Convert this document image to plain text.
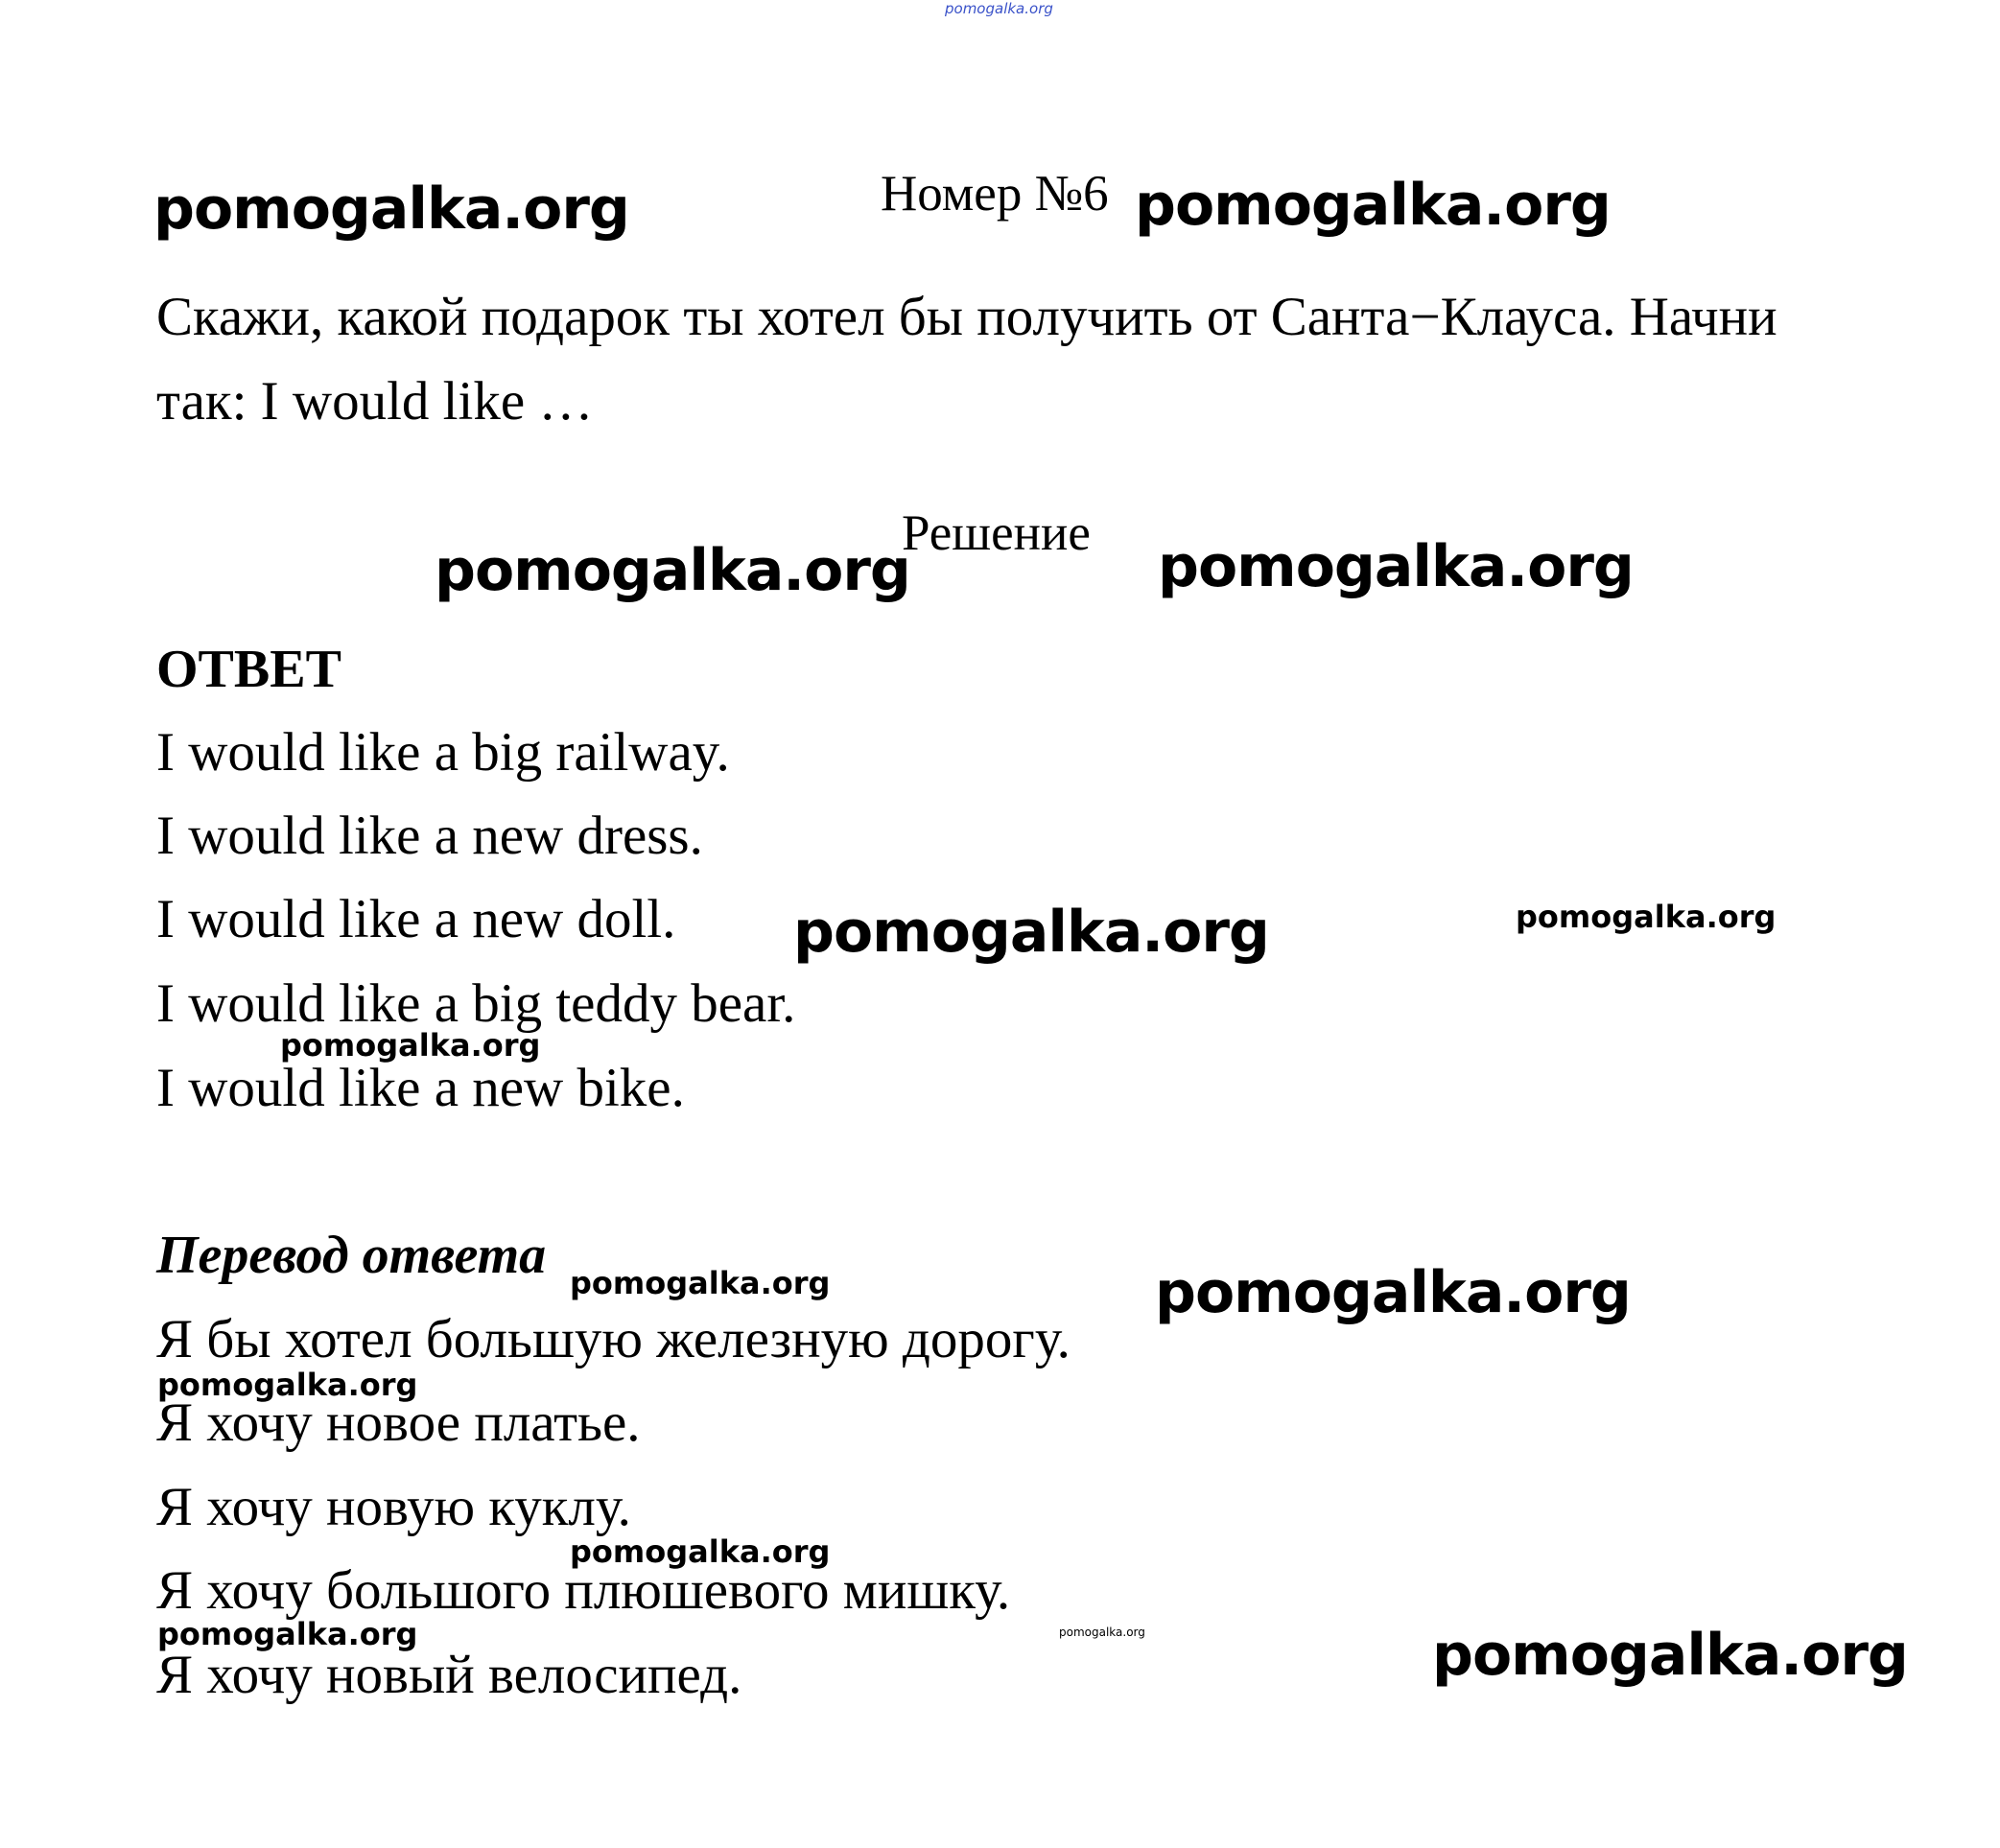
pomogalka.org
pomogalka.org	Номер №6 pomogalka.org
Скажи, какой подарок ты хотел бы получить от Санта−Клауса. Начни
так: I would like …
pomogalka.org
Решение pomogalka.org
ОТВЕТ
I would like a big railway.
I would like a new dress.
I would like a new doll.
I would like a big teddy bear.
I would like a new bike.
pomogalka.org	pomogalka.org
pomogalka.org
Перевод ответа pomogalka.org	pomogalka.org
Я бы хотел большую железную дорогу.
pomogalka.org
Я хочу новое платье.
Я хочу новую куклу.
pomogalka.org
Я хочу большого плюшевого мишку.
pomogalka.org	pomogalka.org
Я хочу новый велосипед.	pomogalka.org
